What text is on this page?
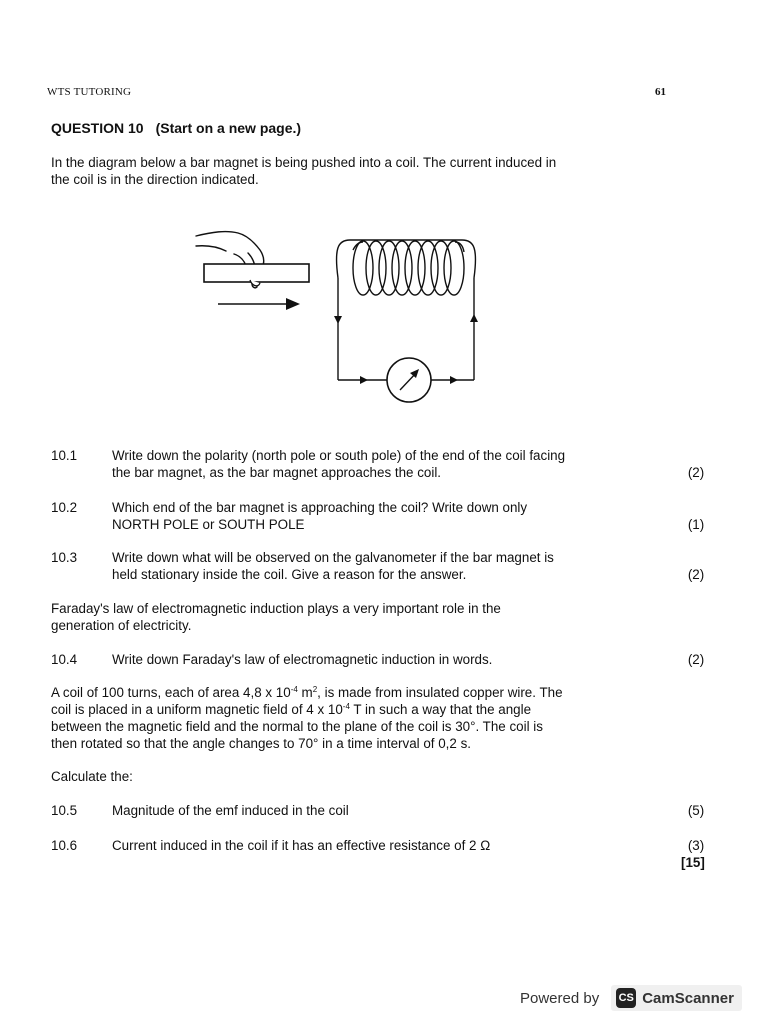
WTS TUTORING	61
QUESTION 10 (Start on a new page.)
In the diagram below a bar magnet is being pushed into a coil. The current induced in
the coil is in the direction indicated.
10.1	Write down the polarity (north pole or south pole) of the end of the coil facing
the bar magnet, as the bar magnet approaches the coil.	(2)
10.2	Which end of the bar magnet is approaching the coil? Write down only
NORTH POLE or SOUTH POLE	(1)
10.3	Write down what will be observed on the galvanometer if the bar magnet is
held stationary inside the coil. Give a reason for the answer.	(2)
Faraday's law of electromagnetic induction plays a very important role in the
generation of electricity.
10.4	Write down Faraday's law of electromagnetic induction in words.	(2)
A coil of 100 turns, each of area 4,8 x $10^{-4}$ $m^2$, is made from insulated copper wire. The
coil is placed in a uniform magnetic field of 4 x $10^{-4}$ T in such a way that the angle
between the magnetic field and the normal to the plane of the coil is 30°. The coil is
then rotated so that the angle changes to 70° in a time interval of 0,2 s.
Calculate the:
10.5	Magnitude of the emf induced in the coil	(5)
10.6	Current induced in the coil if it has an effective resistance of 2 Ω	(3)
[15]
Powered by CS CamScanner
